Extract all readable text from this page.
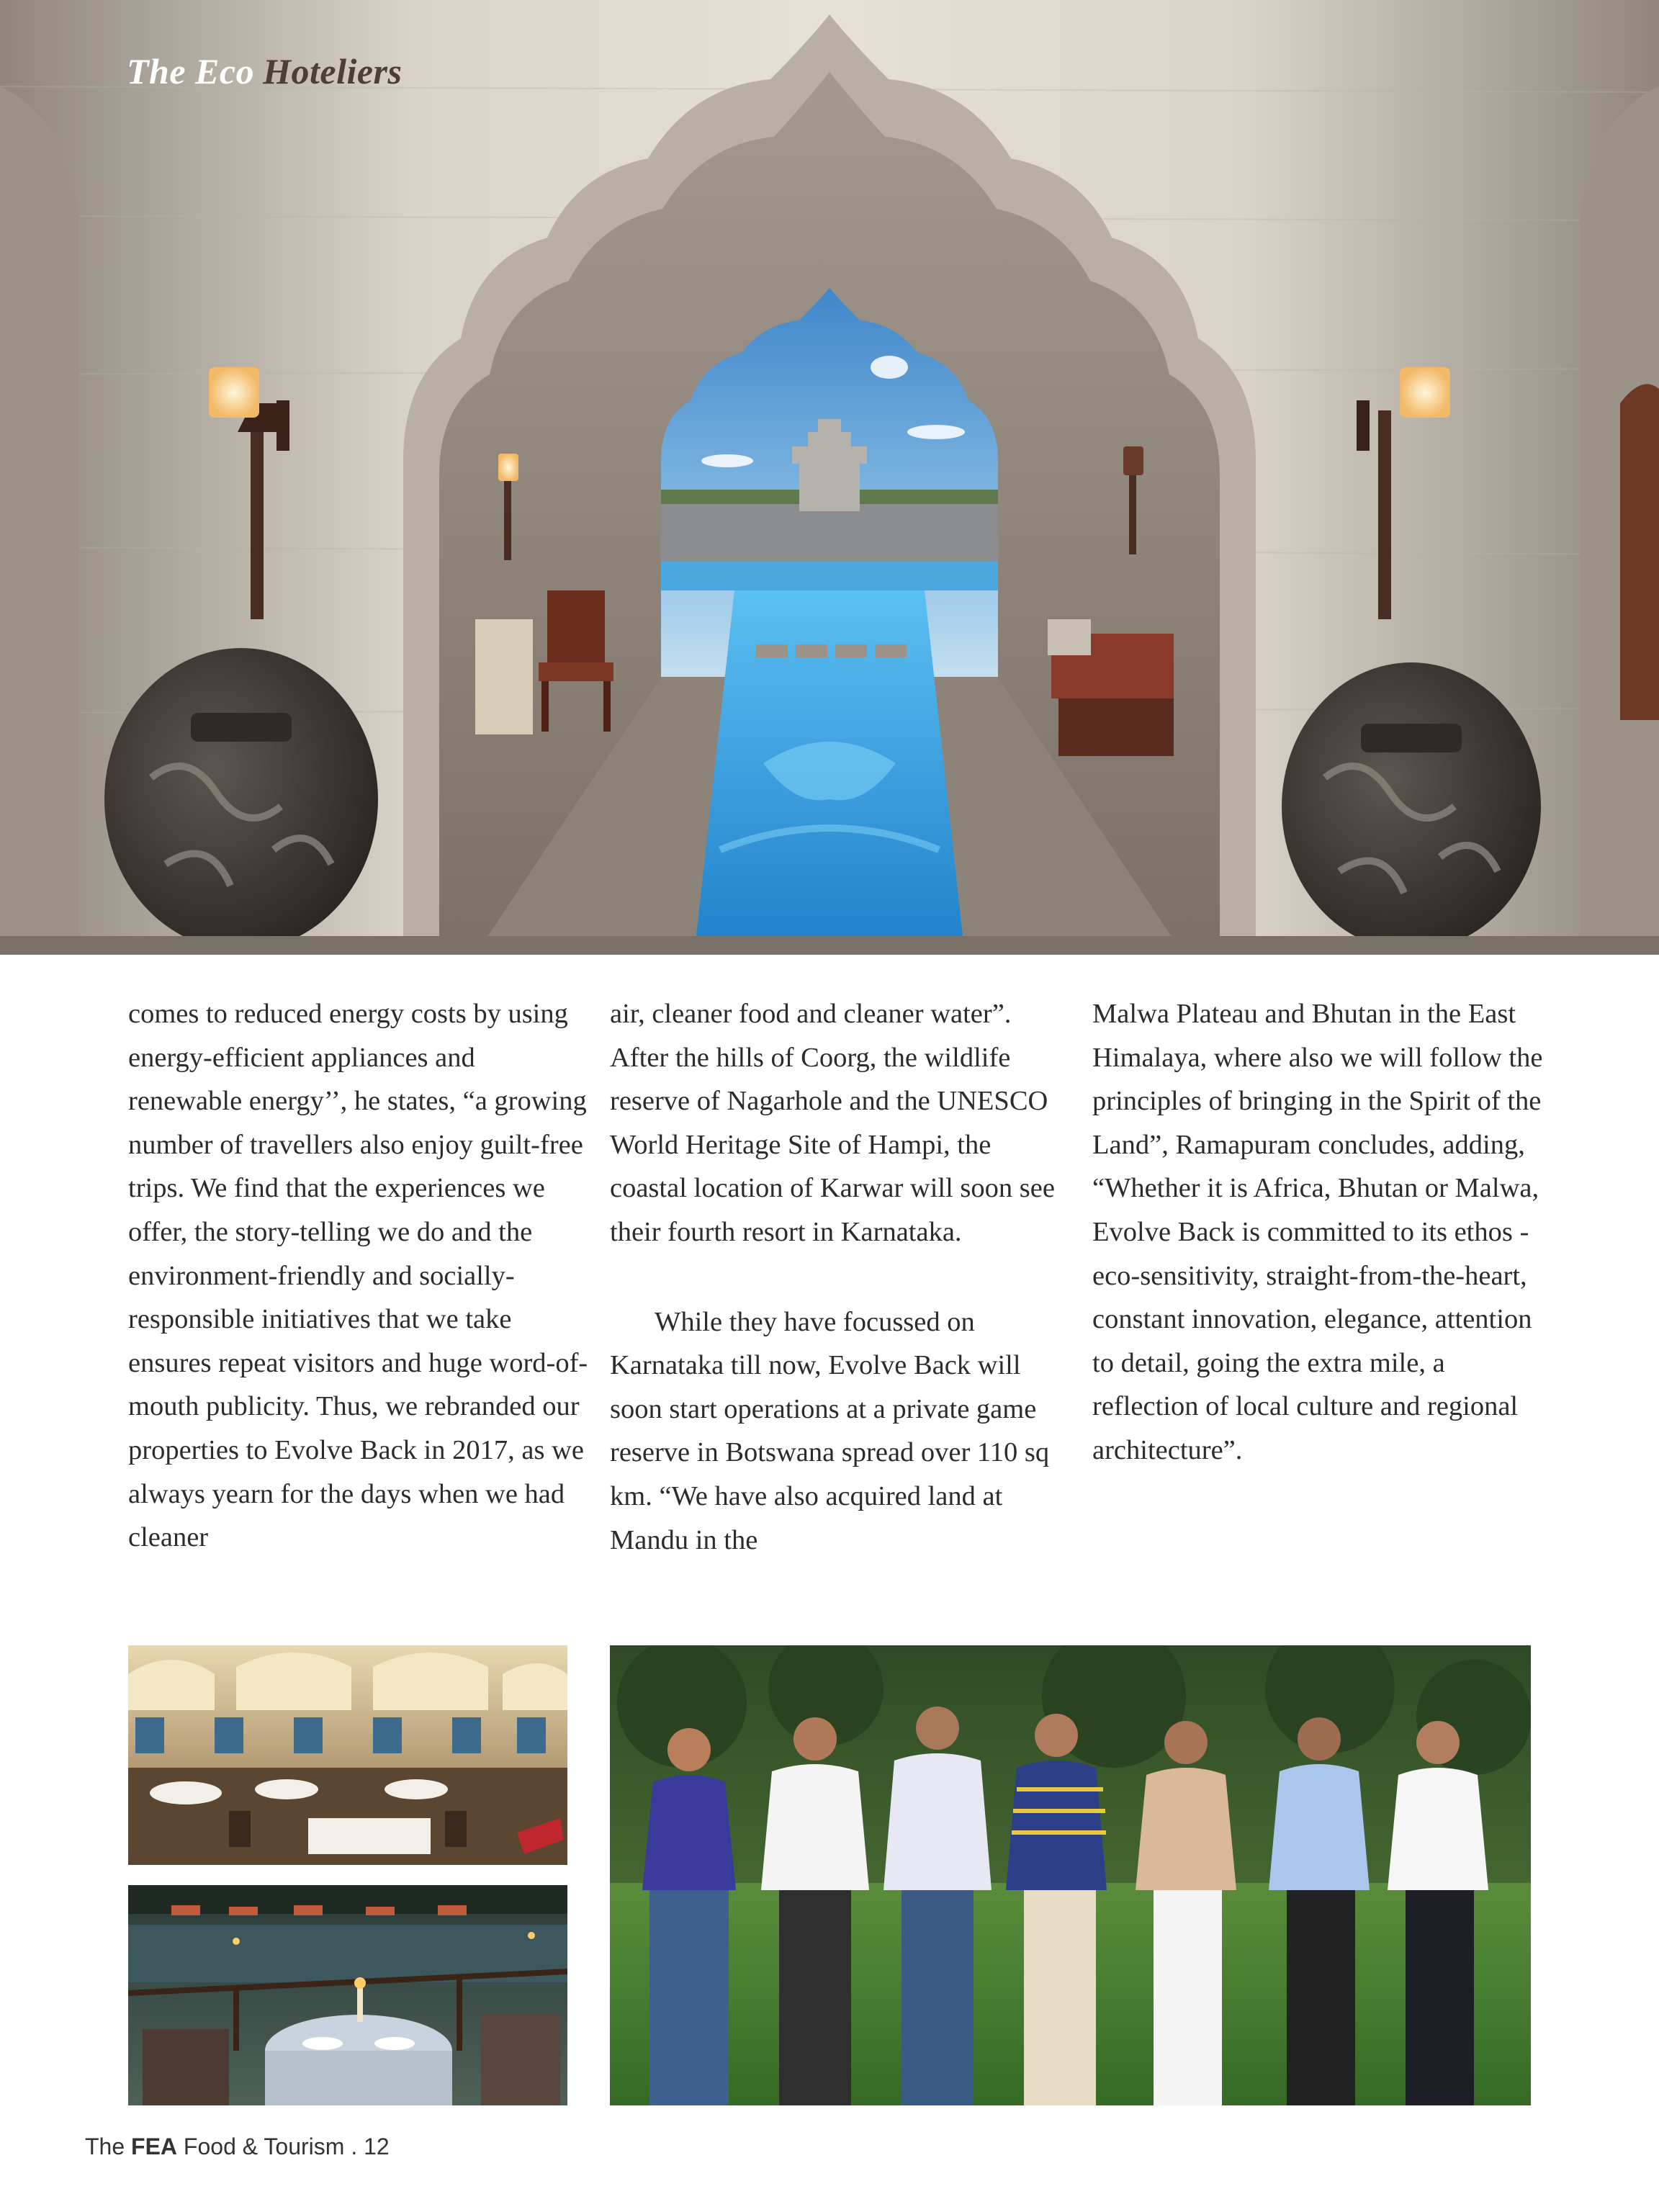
The Eco Hoteliers

comes to reduced energy costs by using energy-efficient appliances and renewable energy’’, he states, “a growing number of travellers also enjoy guilt-free trips. We find that the experiences we offer, the story-telling we do and the environment-friendly and socially-responsible initiatives that we take ensures repeat visitors and huge word-of-mouth publicity. Thus, we rebranded our properties to Evolve Back in 2017, as we always yearn for the days when we had cleaner

air, cleaner food and cleaner water”. After the hills of Coorg, the wildlife reserve of Nagarhole and the UNESCO World Heritage Site of Hampi, the coastal location of Karwar will soon see their fourth resort in Karnataka.

While they have focussed on Karnataka till now, Evolve Back will soon start operations at a private game reserve in Botswana spread over 110 sq km. “We have also acquired land at Mandu in the

Malwa Plateau and Bhutan in the East Himalaya, where also we will follow the principles of bringing in the Spirit of the Land”, Ramapuram concludes, adding, “Whether it is Africa, Bhutan or Malwa, Evolve Back is committed to its ethos - eco-sensitivity, straight-from-the-heart, constant innovation, elegance, attention to detail, going the extra mile, a reflection of local culture and regional architecture”.

The FEA Food & Tourism . 12
